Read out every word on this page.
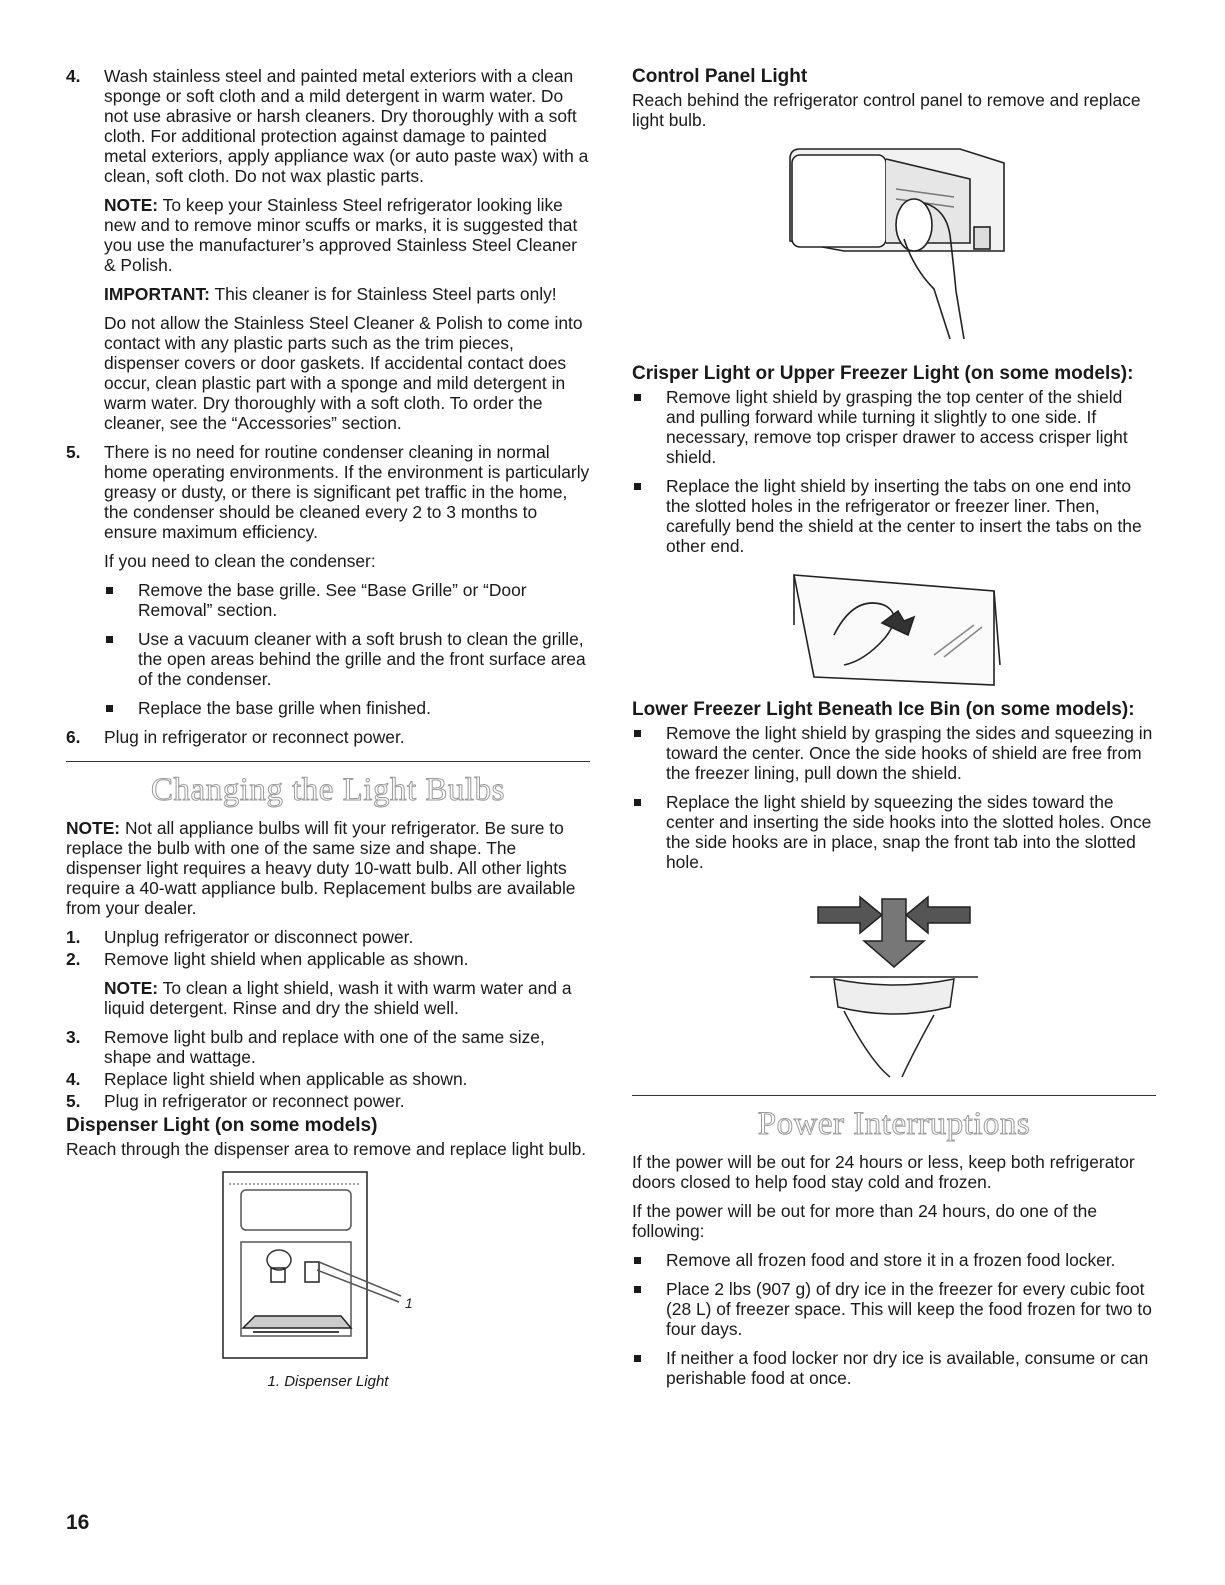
4. Wash stainless steel and painted metal exteriors with a clean sponge or soft cloth and a mild detergent in warm water. Do not use abrasive or harsh cleaners. Dry thoroughly with a soft cloth. For additional protection against damage to painted metal exteriors, apply appliance wax (or auto paste wax) with a clean, soft cloth. Do not wax plastic parts.

NOTE: To keep your Stainless Steel refrigerator looking like new and to remove minor scuffs or marks, it is suggested that you use the manufacturer’s approved Stainless Steel Cleaner & Polish.

IMPORTANT: This cleaner is for Stainless Steel parts only!

Do not allow the Stainless Steel Cleaner & Polish to come into contact with any plastic parts such as the trim pieces, dispenser covers or door gaskets. If accidental contact does occur, clean plastic part with a sponge and mild detergent in warm water. Dry thoroughly with a soft cloth. To order the cleaner, see the “Accessories” section.

5. There is no need for routine condenser cleaning in normal home operating environments. If the environment is particularly greasy or dusty, or there is significant pet traffic in the home, the condenser should be cleaned every 2 to 3 months to ensure maximum efficiency.

If you need to clean the condenser:

Remove the base grille. See “Base Grille” or “Door Removal” section.
Use a vacuum cleaner with a soft brush to clean the grille, the open areas behind the grille and the front surface area of the condenser.
Replace the base grille when finished.
6. Plug in refrigerator or reconnect power.

Changing the Light Bulbs

NOTE: Not all appliance bulbs will fit your refrigerator. Be sure to replace the bulb with one of the same size and shape. The dispenser light requires a heavy duty 10-watt bulb. All other lights require a 40-watt appliance bulb. Replacement bulbs are available from your dealer.

1. Unplug refrigerator or disconnect power.
2. Remove light shield when applicable as shown.

NOTE: To clean a light shield, wash it with warm water and a liquid detergent. Rinse and dry the shield well.

3. Remove light bulb and replace with one of the same size, shape and wattage.
4. Replace light shield when applicable as shown.
5. Plug in refrigerator or reconnect power.
Dispenser Light (on some models)

Reach through the dispenser area to remove and replace light bulb.

1
1. Dispenser Light
Control Panel Light

Reach behind the refrigerator control panel to remove and replace light bulb.

Crisper Light or Upper Freezer Light (on some models):
Remove light shield by grasping the top center of the shield and pulling forward while turning it slightly to one side. If necessary, remove top crisper drawer to access crisper light shield.
Replace the light shield by inserting the tabs on one end into the slotted holes in the refrigerator or freezer liner. Then, carefully bend the shield at the center to insert the tabs on the other end.
Lower Freezer Light Beneath Ice Bin (on some models):
Remove the light shield by grasping the sides and squeezing in toward the center. Once the side hooks of shield are free from the freezer lining, pull down the shield.
Replace the light shield by squeezing the sides toward the center and inserting the side hooks into the slotted holes. Once the side hooks are in place, snap the front tab into the slotted hole.
Power Interruptions

If the power will be out for 24 hours or less, keep both refrigerator doors closed to help food stay cold and frozen.

If the power will be out for more than 24 hours, do one of the following:

Remove all frozen food and store it in a frozen food locker.
Place 2 lbs (907 g) of dry ice in the freezer for every cubic foot (28 L) of freezer space. This will keep the food frozen for two to four days.
If neither a food locker nor dry ice is available, consume or can perishable food at once.
16
